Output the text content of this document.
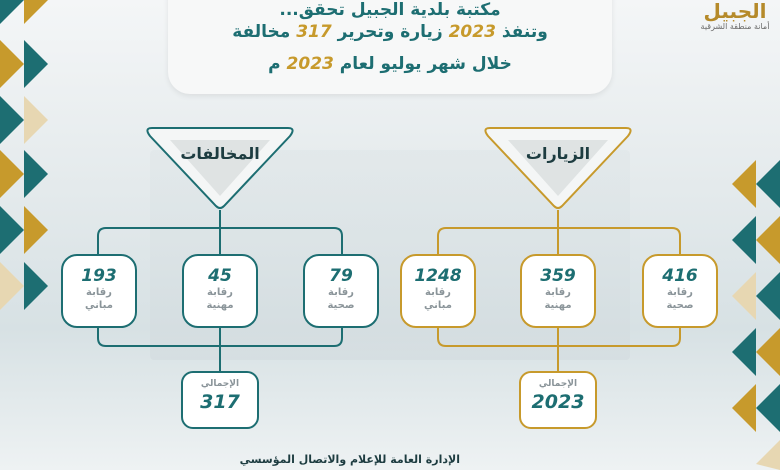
مكتبة بلدية الجبيل تحقق...
وتنفذ 2023 زيارة وتحرير 317 مخالفة
خلال شهر يوليو لعام 2023 م
الجبيل
أمانة منطقة الشرقية
المخالفات	الزيارات
193
رقابة
مباني
45
رقابة
مهنية
79
رقابة
صحية
1248
رقابة
مباني
359
رقابة
مهنية
416
رقابة
صحية
الإجمالي
317
الإجمالي
2023
الإدارة العامة للإعلام والاتصال المؤسسي
